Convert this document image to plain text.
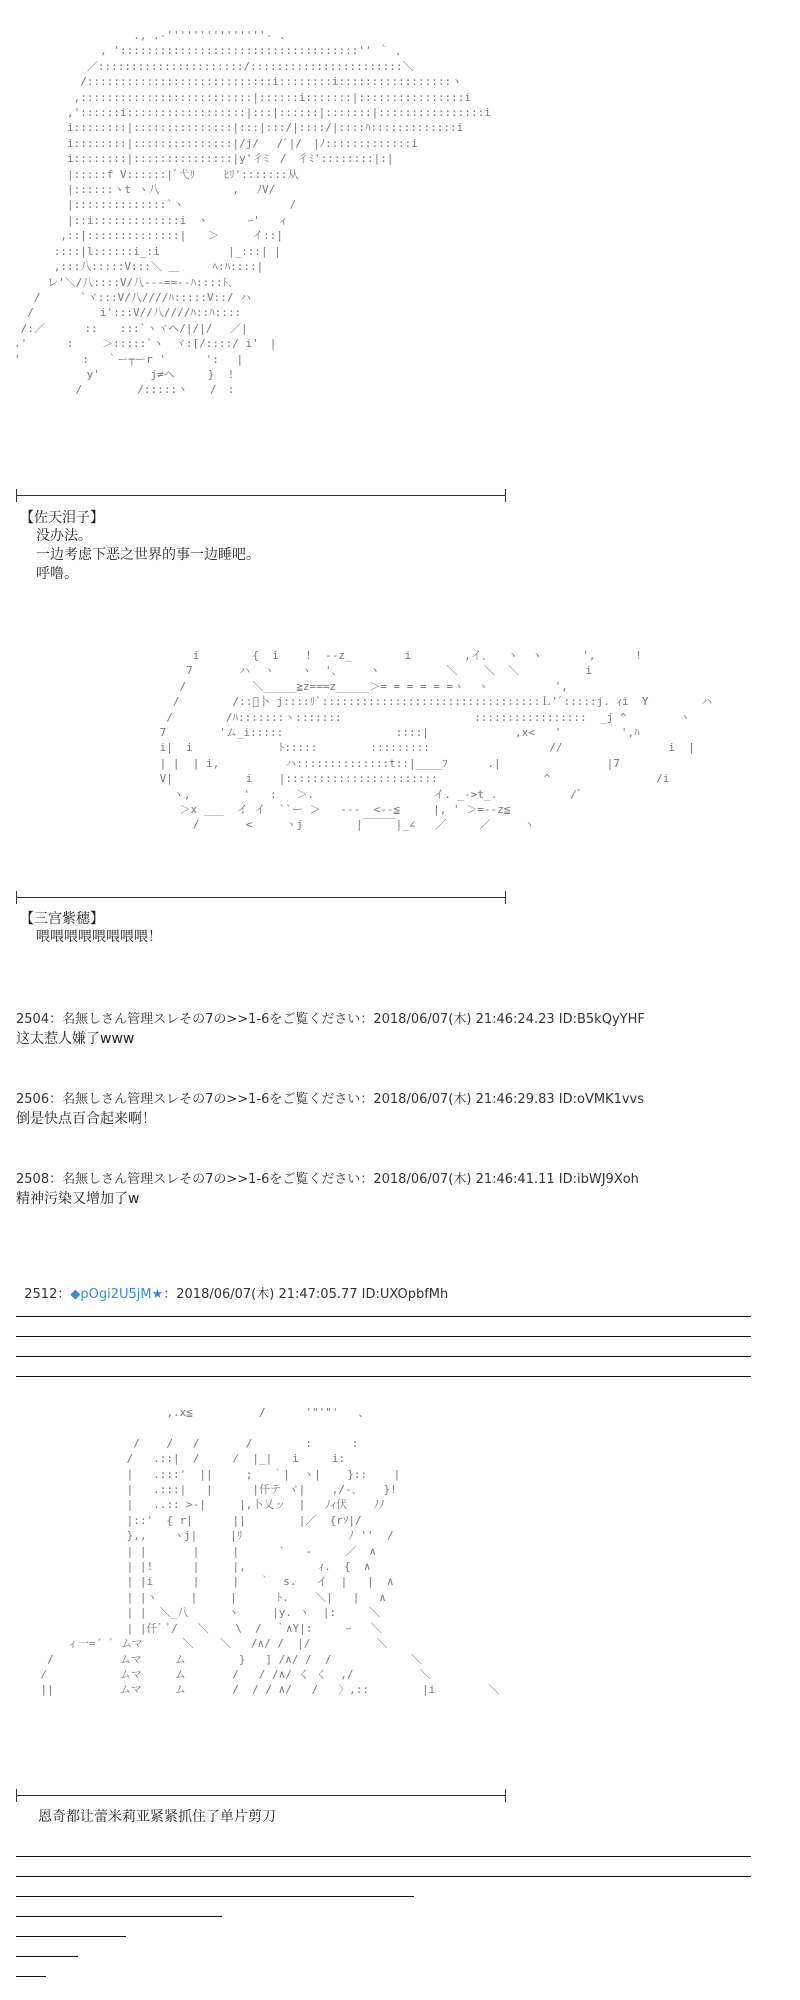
., .‐'''''''''''''''‐ .
, '::::::::::::::::::::::::::::::::::::'' ｀ 、
／::::::::::::::::::::::/:::::::::::::::::::::::＼
/::::::::::::::::::::::::::::i::::::::i:::::::::::::::::ヽ
,::::::::::::::::::::::::::|::::::i:::::::|::::::::::::::::i
,'::::::i::::::::::::::::::|:::|::::::|:::::::|::::::::::::::::i
i::::::::|:::::::::::::::|:::|:::/|::::/|::::ﾊ:::::::::::::i
i::::::::|:::::::::::::::|/j/　 /ﾞ|/　|ﾉ:::::::::::::i
i::::::::|:::::::::::::::|y'彳ﾐ　/　彳ﾐ'::::::::|:|
|:::::f V::::::|ﾞ弋ﾘ　　 ﾋﾘ':::::::从
|::::::ヽt ヽ八　　　　　　 ,　 ﾉV/
|::::::::::::::`ヽ　　　　　　　　　 /
|::i:::::::::::::i　ヽ　　　 ｰ'　 ィ
,::|::::::::::::::|　　＞　　　イ::|
::::|l::::::i_:i　　　 　　 |_:::| |
,:::八:::::V:::＼ ＿　　　ﾍ:ﾊ::::|
レ'＼/八::::V/八---==--ﾊ::::ﾄ､
/　　 　`ヾ:::V/八////ﾊ:::::V::/ ハ
/　　　　　　i':::V//八////ﾊ::ﾊ::::
/:／　　　 ::　　:::`ヽヾヘ/|/|/　 ／|
.'　　　 :　　 ＞:::::`ヽ　ヾ:[/::::/ i'　|
'　　　　 　:　 ｀ー┬ーr '　　　 ':　 |
　　　　　　 y'　　　　 j≠ヘ　　　}  !
　　　　　 /　　　　　/:::::ヽ　　/　:
【佐天泪子】
没办法。
一边考虑下恶之世界的事一边睡吧。
呼噜。
i        {  i    !  --z_        i        ,イ､   ヽ  ヽ      ',      !
7       ハ  ヽ    ヽ  '、    ヽ          ＼    ＼  ＼          i
/          ＼_____≧z===z_____＞= = = = = =ヽ  ヽ          ',
/        /::ﾞ卜 j::::ﾘ`:::::::::::::::::::::::::::::::::Ｌ'ﾞ:::::j. ｨi  Y        ハ
/        /ﾊ:::::::ヽ:::::::                    :::::::::::::::::  _j ^        ヽ
7        'ム_i:::::                 ::::|             ,x<   '         ',ﾊ
i|  i             ﾄ:::::        :::::::::                  //                i  |
| |  | i,          ハ::::::::::::::t::|____ﾌ      .|                |7
V|           i    |:::::::::::::::::::::::                ^                /i
ヽ,        '   :   ＞.                  イ. _->t_.           /ﾞ
＞x ___  イ イ  ``ー ＞   ---  <--≦     |, ' ＞=--z≦
/       <     ヽj        |￣￣￣|_∠   ／     ／     ヽ
【三宫紫穗】
喂喂喂喂喂喂喂喂！
2504：名無しさん管理スレその7の>>1-6をご覧ください：2018/06/07(木) 21:46:24.23 ID:B5kQyYHF
这太惹人嫌了www
2506：名無しさん管理スレその7の>>1-6をご覧ください：2018/06/07(木) 21:46:29.83 ID:oVMK1vvs
倒是快点百合起来啊！
2508：名無しさん管理スレその7の>>1-6をご覧ください：2018/06/07(木) 21:46:41.11 ID:ibWJ9Xoh
精神污染又增加了w

2512：◆pOgi2U5jM★：2018/06/07(木) 21:47:05.77 ID:UXOpbfMh

,.x≦          /      '"'"'   、

/    /   /       /        :      :
/   .::|  /     /  |_|   i     i:
|   .:::'  ||     ;   ｀|  ヽ|    }::    |
|   .:::|   |      |仟テ ヾ|    ,/-､    }!
|   ..:: >-|     |,卜乂ッ  |   ﾉｨ伏    ﾉﾉ
|::'  { r|      ||        |／  {rｿ|/
},,    ヽj|     |ﾘ                ﾉ ''  /
| |       |     |      `   ‐     ／  ∧
| |!      |     |,           ｨ.  {  ∧
| |i      |     |   ｀  s.   イ  |   |  ∧
| |ヽ     |     |      ﾄ.    ＼|   |   ∧
| |  ＼_八      ヽ     |y. ヽ  |:     ＼
| |仟ﾞ ﾞ/   ＼    \  /  ｀∧Y|:     ｰ   ＼
ィ一=´ ﾞ ムマ      ＼    ＼   /∧/ /  |/          ＼
/          ムマ     ム        }   ] /∧/ /  /            ＼
/           ムマ     ム       /   / /∧/ く く  ,/          ＼
||          ムマ     ム       /  / / ∧/   /   〉,::        |i        ＼
恩奇都让蕾米莉亚紧紧抓住了单片剪刀
